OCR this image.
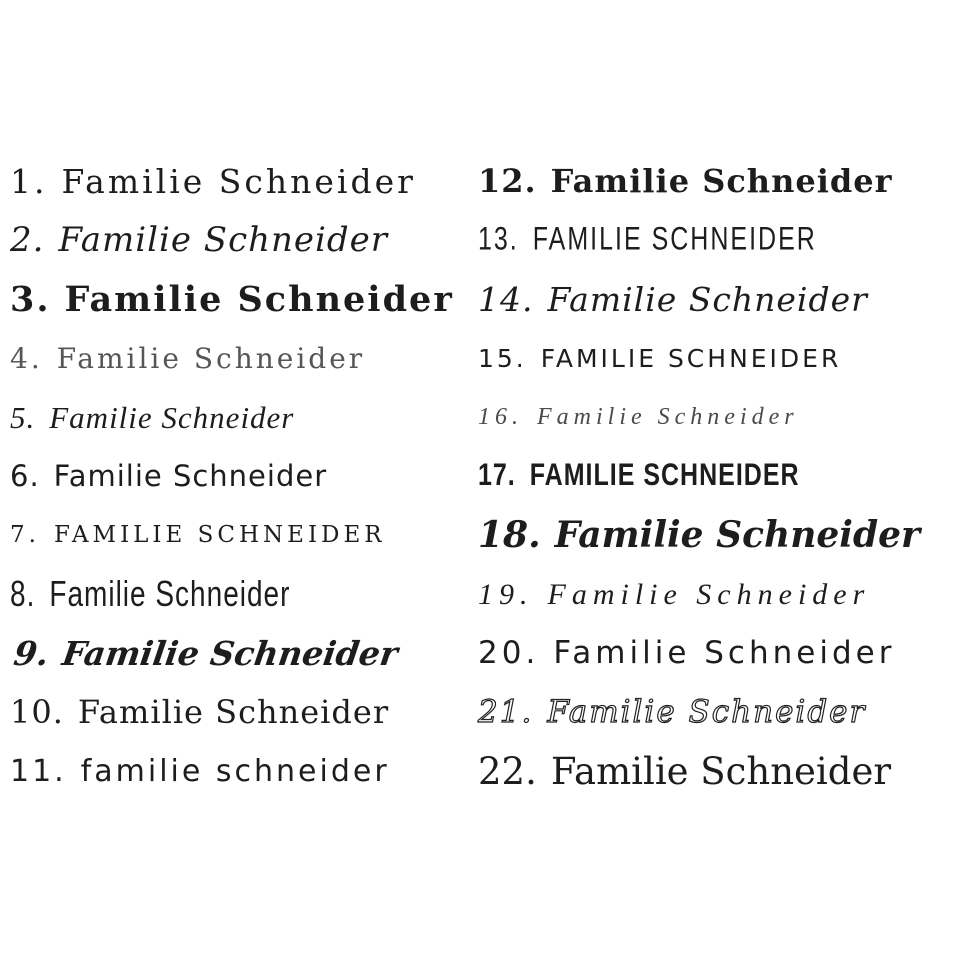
1. Familie Schneider
2. Familie Schneider
3. Familie Schneider
4. Familie Schneider
5. Familie Schneider
6. Familie Schneider
7. FAMILIE SCHNEIDER
8. Familie Schneider
9. Familie Schneider
10. Familie Schneider
11. familie schneider
12. Familie Schneider
13. FAMILIE SCHNEIDER
14. Familie Schneider
15. FAMILIE SCHNEIDER
16. Familie Schneider
17. FAMILIE SCHNEIDER
18. Familie Schneider
19. Familie Schneider
20. Familie Schneider
21. Familie Schneider
22. Familie Schneider
